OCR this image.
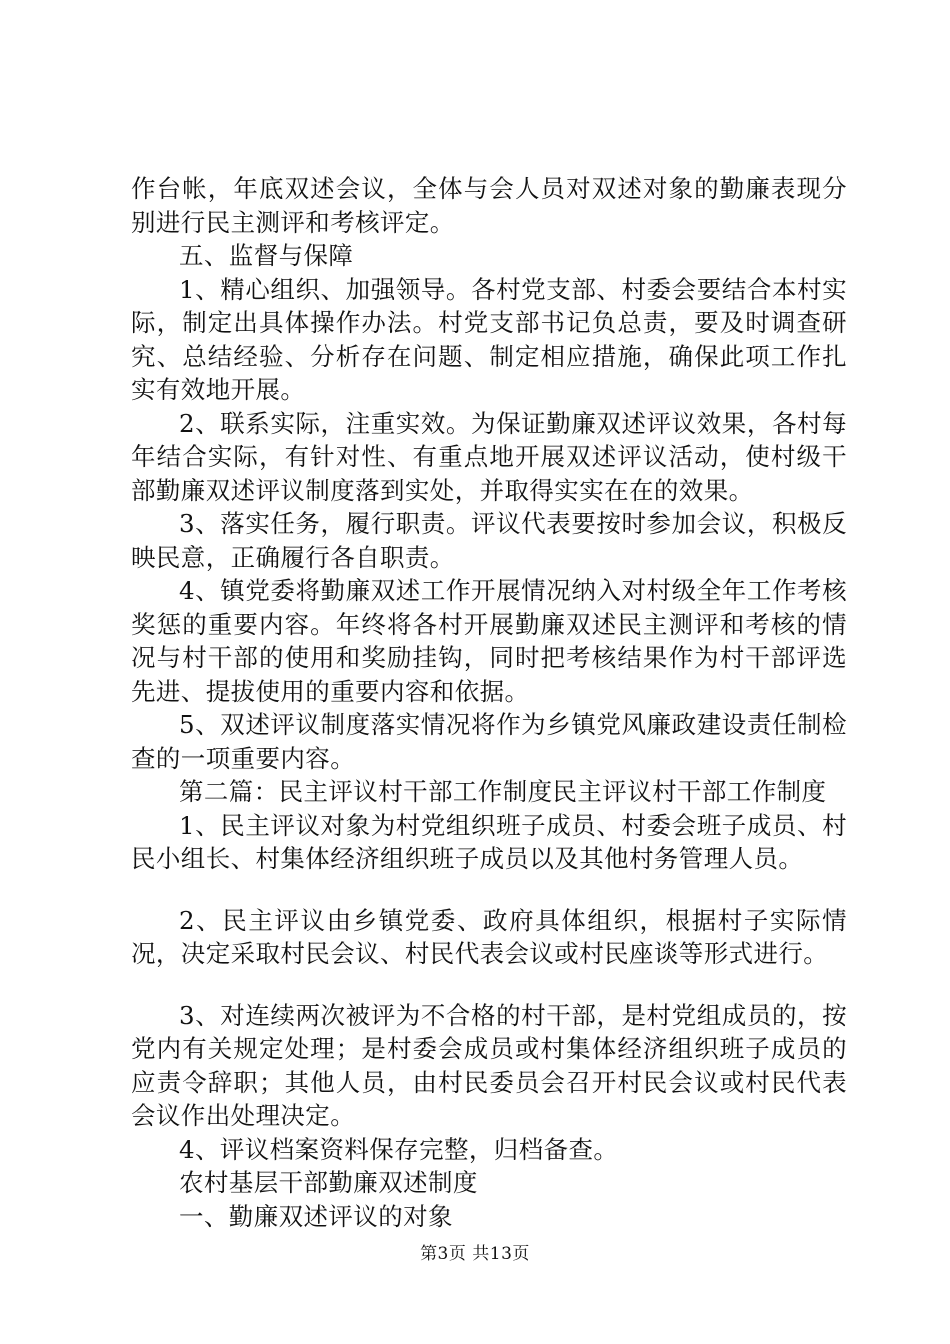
作台帐，年底双述会议，全体与会人员对双述对象的勤廉表现分别进行民主测评和考核评定。

五、监督与保障

1、精心组织、加强领导。各村党支部、村委会要结合本村实际，制定出具体操作办法。村党支部书记负总责，要及时调查研究、总结经验、分析存在问题、制定相应措施，确保此项工作扎实有效地开展。

2、联系实际，注重实效。为保证勤廉双述评议效果，各村每年结合实际，有针对性、有重点地开展双述评议活动，使村级干部勤廉双述评议制度落到实处，并取得实实在在的效果。

3、落实任务，履行职责。评议代表要按时参加会议，积极反映民意，正确履行各自职责。

4、镇党委将勤廉双述工作开展情况纳入对村级全年工作考核奖惩的重要内容。年终将各村开展勤廉双述民主测评和考核的情况与村干部的使用和奖励挂钩，同时把考核结果作为村干部评选先进、提拔使用的重要内容和依据。

5、双述评议制度落实情况将作为乡镇党风廉政建设责任制检查的一项重要内容。

第二篇：民主评议村干部工作制度民主评议村干部工作制度

1、民主评议对象为村党组织班子成员、村委会班子成员、村民小组长、村集体经济组织班子成员以及其他村务管理人员。

2、民主评议由乡镇党委、政府具体组织，根据村子实际情况，决定采取村民会议、村民代表会议或村民座谈等形式进行。

3、对连续两次被评为不合格的村干部，是村党组成员的，按党内有关规定处理；是村委会成员或村集体经济组织班子成员的应责令辞职；其他人员，由村民委员会召开村民会议或村民代表会议作出处理决定。

4、评议档案资料保存完整，归档备查。

农村基层干部勤廉双述制度

一、勤廉双述评议的对象

第3页 共13页
